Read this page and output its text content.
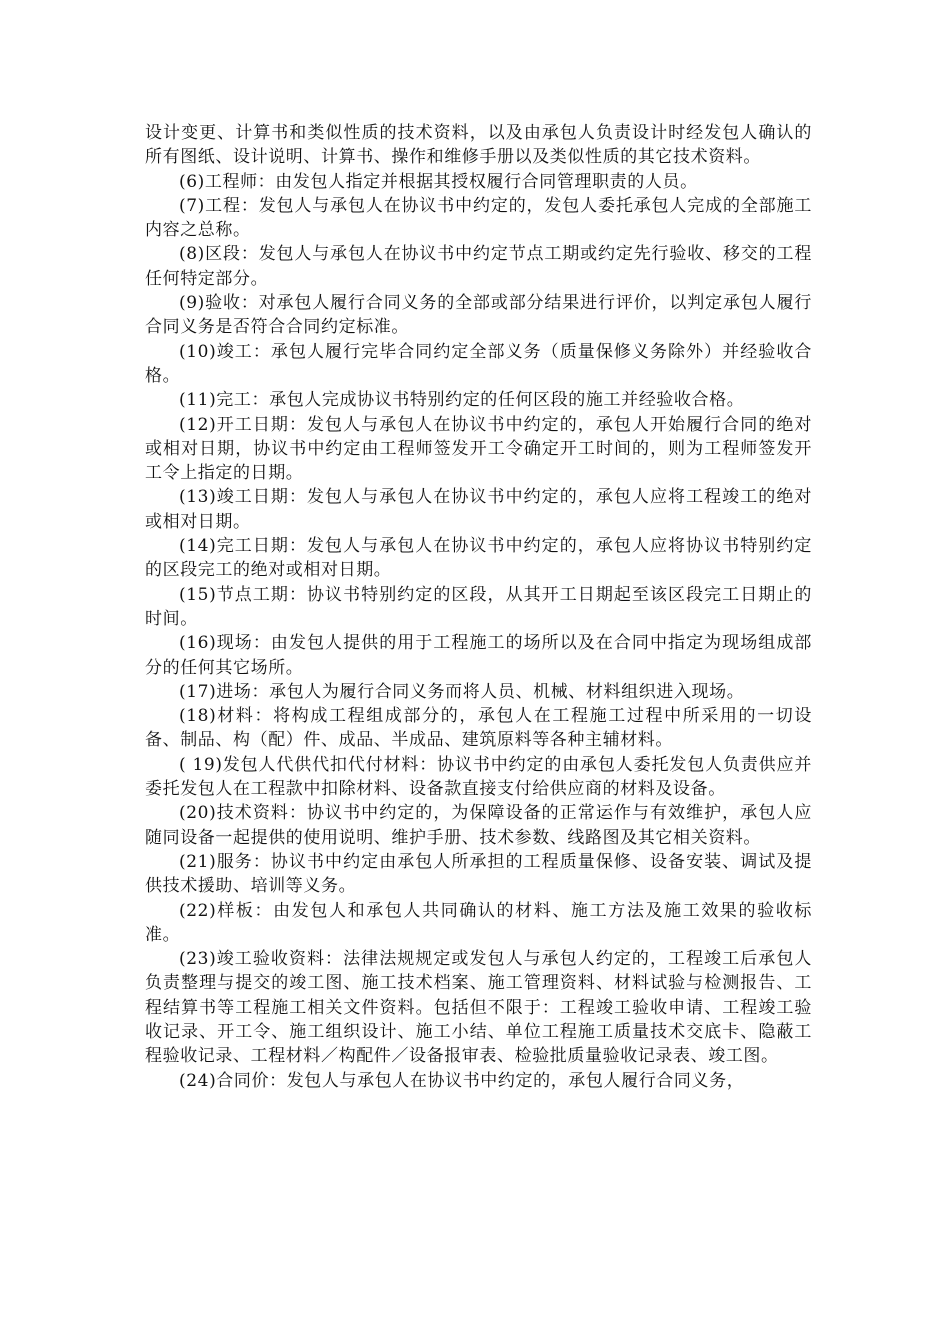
设计变更、计算书和类似性质的技术资料，以及由承包人负责设计时经发包人确认的所有图纸、设计说明、计算书、操作和维修手册以及类似性质的其它技术资料。

(6)工程师：由发包人指定并根据其授权履行合同管理职责的人员。

(7)工程：发包人与承包人在协议书中约定的，发包人委托承包人完成的全部施工内容之总称。

(8)区段：发包人与承包人在协议书中约定节点工期或约定先行验收、移交的工程任何特定部分。

(9)验收：对承包人履行合同义务的全部或部分结果进行评价，以判定承包人履行合同义务是否符合合同约定标准。

(10)竣工：承包人履行完毕合同约定全部义务（质量保修义务除外）并经验收合格。

(11)完工：承包人完成协议书特别约定的任何区段的施工并经验收合格。

(12)开工日期：发包人与承包人在协议书中约定的，承包人开始履行合同的绝对或相对日期，协议书中约定由工程师签发开工令确定开工时间的，则为工程师签发开工令上指定的日期。

(13)竣工日期：发包人与承包人在协议书中约定的，承包人应将工程竣工的绝对或相对日期。

(14)完工日期：发包人与承包人在协议书中约定的，承包人应将协议书特别约定的区段完工的绝对或相对日期。

(15)节点工期：协议书特别约定的区段，从其开工日期起至该区段完工日期止的时间。

(16)现场：由发包人提供的用于工程施工的场所以及在合同中指定为现场组成部分的任何其它场所。

(17)进场：承包人为履行合同义务而将人员、机械、材料组织进入现场。

(18)材料：将构成工程组成部分的，承包人在工程施工过程中所采用的一切设备、制品、构（配）件、成品、半成品、建筑原料等各种主辅材料。

( 19)发包人代供代扣代付材料：协议书中约定的由承包人委托发包人负责供应并委托发包人在工程款中扣除材料、设备款直接支付给供应商的材料及设备。

(20)技术资料：协议书中约定的，为保障设备的正常运作与有效维护，承包人应随同设备一起提供的使用说明、维护手册、技术参数、线路图及其它相关资料。

(21)服务：协议书中约定由承包人所承担的工程质量保修、设备安装、调试及提供技术援助、培训等义务。

(22)样板：由发包人和承包人共同确认的材料、施工方法及施工效果的验收标准。

(23)竣工验收资料：法律法规规定或发包人与承包人约定的，工程竣工后承包人负责整理与提交的竣工图、施工技术档案、施工管理资料、材料试验与检测报告、工程结算书等工程施工相关文件资料。包括但不限于：工程竣工验收申请、工程竣工验收记录、开工令、施工组织设计、施工小结、单位工程施工质量技术交底卡、隐蔽工程验收记录、工程材料／构配件／设备报审表、检验批质量验收记录表、竣工图。

(24)合同价：发包人与承包人在协议书中约定的，承包人履行合同义务，
